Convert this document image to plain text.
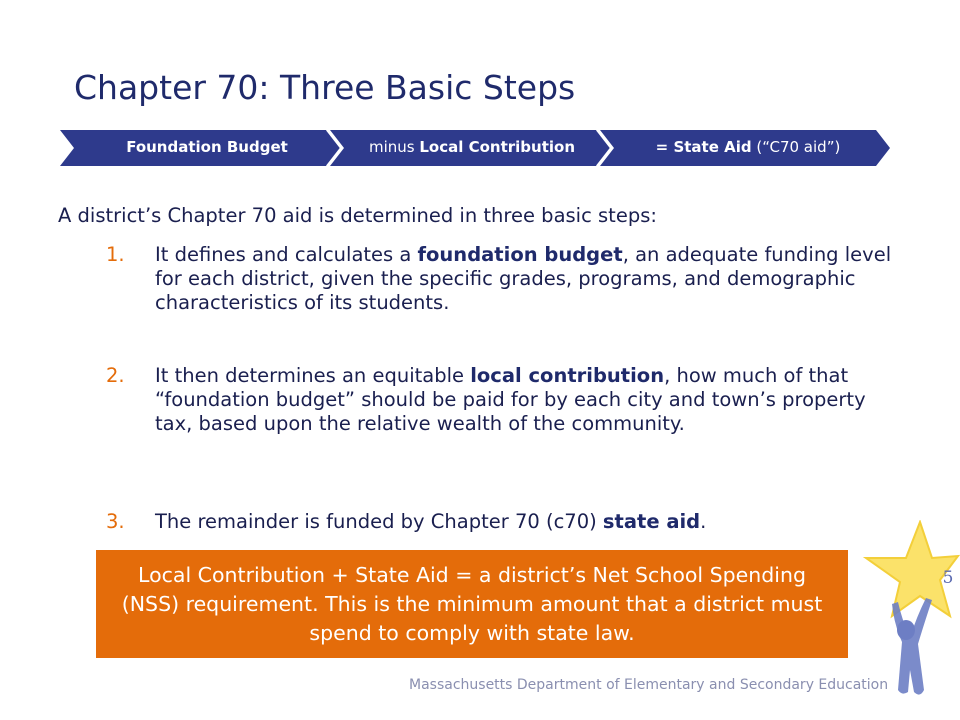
Chapter 70: Three Basic Steps
Foundation Budget	minus Local Contribution	= State Aid (“C70 aid”)
A district’s Chapter 70 aid is determined in three basic steps:
1. It defines and calculates a foundation budget, an adequate funding level for each district, given the specific grades, programs, and demographic characteristics of its students.
2. It then determines an equitable local contribution, how much of that “foundation budget” should be paid for by each city and town’s property tax, based upon the relative wealth of the community.
3. The remainder is funded by Chapter 70 (c70) state aid.
Local Contribution + State Aid = a district’s Net School Spending (NSS) requirement. This is the minimum amount that a district must spend to comply with state law.
5
Massachusetts Department of Elementary and Secondary Education
